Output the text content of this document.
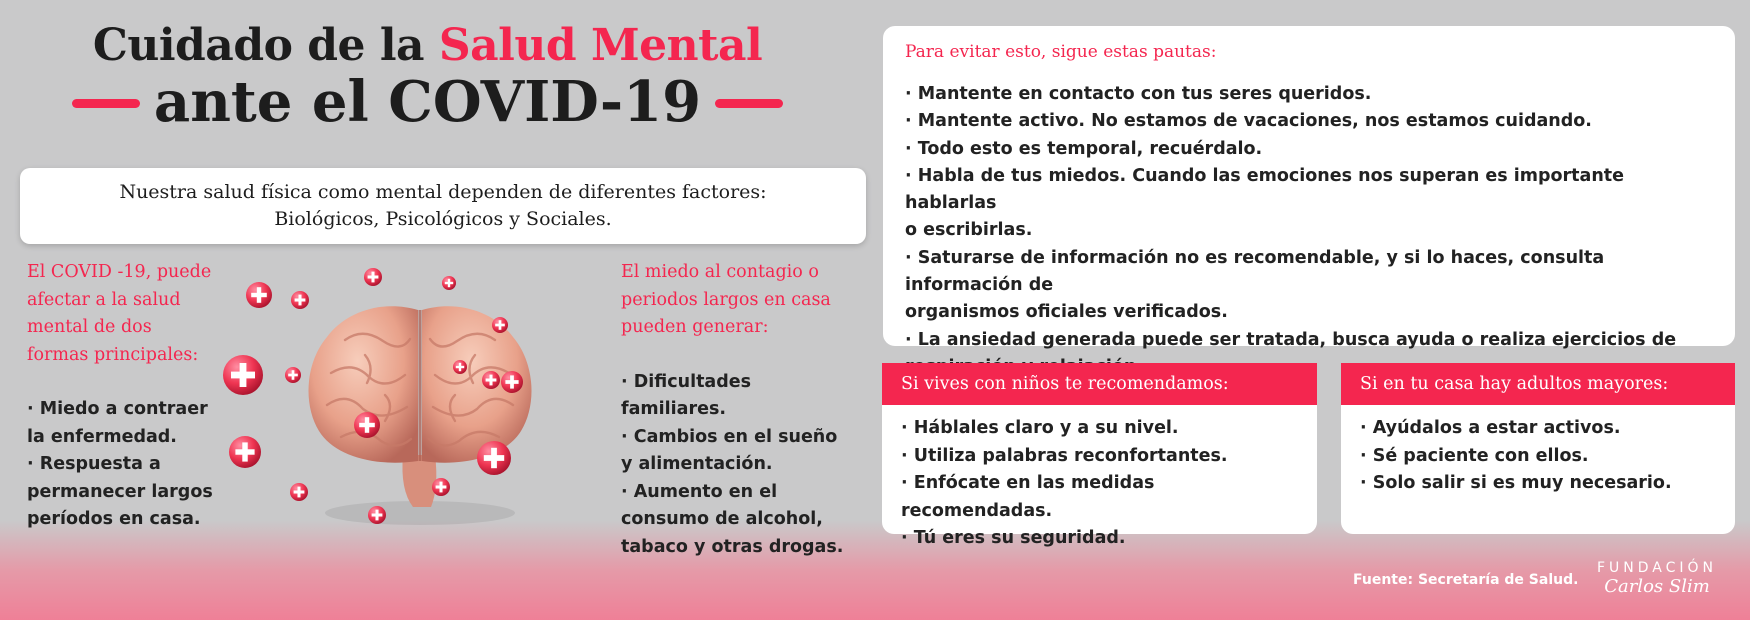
Cuidado de la Salud Mental
ante el COVID-19
Nuestra salud física como mental dependen de diferentes factores:
Biológicos, Psicológicos y Sociales.
El COVID -19, puede
afectar a la salud
mental de dos
formas principales:
· Miedo a contraer
la enfermedad.
· Respuesta a
permanecer largos
períodos en casa.
El miedo al contagio o
periodos largos en casa
pueden generar:
· Dificultades familiares.
· Cambios en el sueño
y alimentación.
· Aumento en el
consumo de alcohol,
tabaco y otras drogas.
Para evitar esto, sigue estas pautas:
· Mantente en contacto con tus seres queridos.
· Mantente activo. No estamos de vacaciones, nos estamos cuidando.
· Todo esto es temporal, recuérdalo.
· Habla de tus miedos. Cuando las emociones nos superan es importante hablarlas
o escribirlas.
· Saturarse de información no es recomendable, y si lo haces, consulta información de
organismos oficiales verificados.
· La ansiedad generada puede ser tratada, busca ayuda o realiza ejercicios de
Si vives con niños te recomendamos:
· Háblales claro y a su nivel.
· Utiliza palabras reconfortantes.
· Enfócate en las medidas recomendadas.
· Tú eres su seguridad.
Si en tu casa hay adultos mayores:
· Ayúdalos a estar activos.
· Sé paciente con ellos.
· Solo salir si es muy necesario.
Fuente: Secretaría de Salud.
FUNDACIÓN
Carlos Slim
